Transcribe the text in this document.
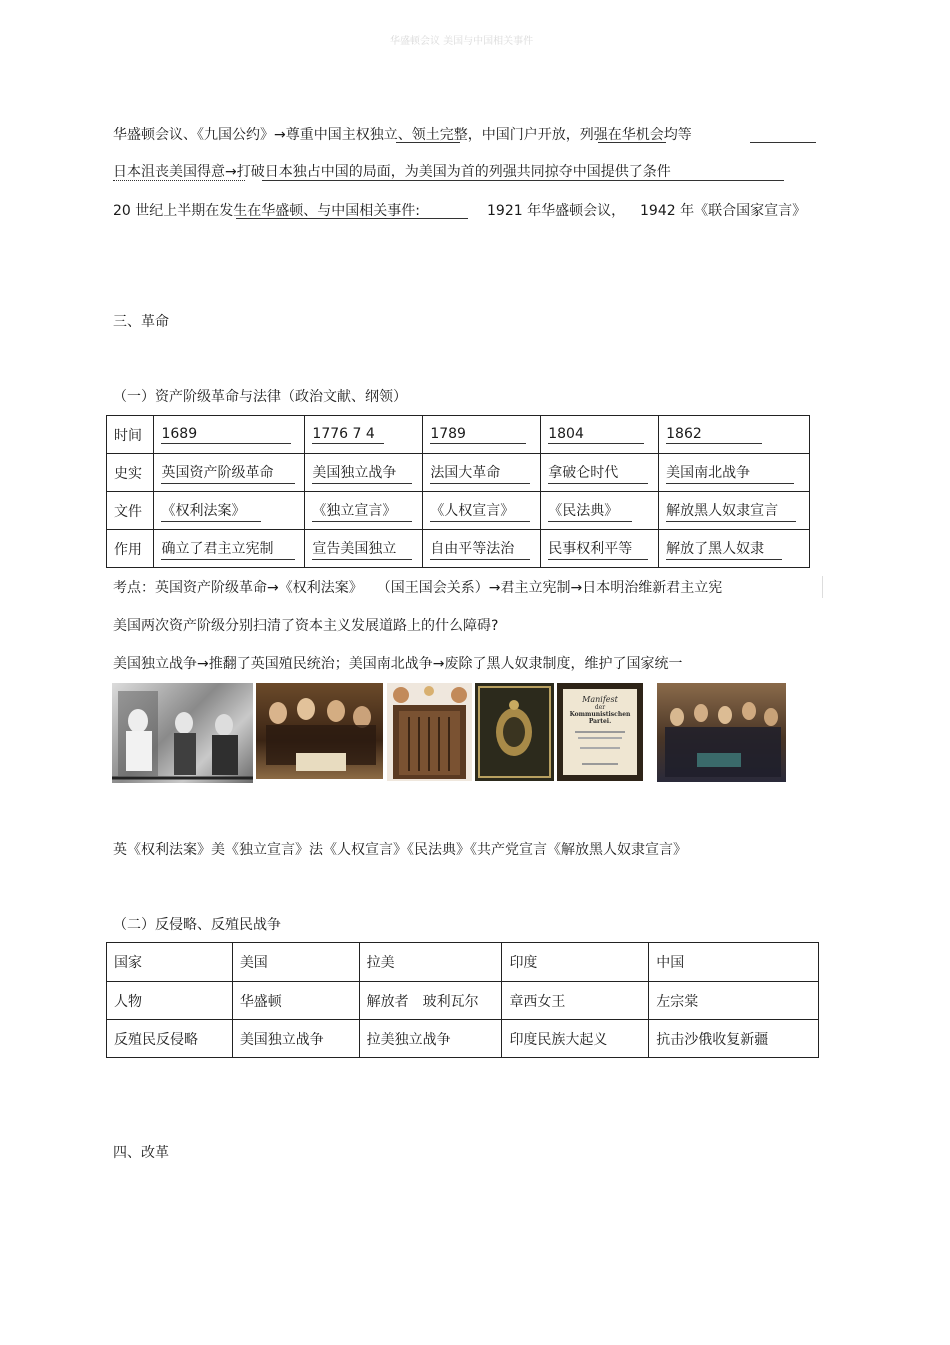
华盛顿会议 美国与中国相关事件
华盛顿会议、《九国公约》→尊重中国主权独立、领土完整，中国门户开放，列强在华机会均等
日本沮丧美国得意→打破日本独占中国的局面，为美国为首的列强共同掠夺中国提供了条件
20 世纪上半期在发生在华盛顿、与中国相关事件:	1921 年华盛顿会议， 1942 年《联合国家宣言》
三、革命
（一）资产阶级革命与法律（政治文献、纲领）
时间	1689	1776 7 4	1789	1804	1862
史实	英国资产阶级革命	美国独立战争	法国大革命	拿破仑时代	美国南北战争
文件	《权利法案》	《独立宣言》	《人权宣言》	《民法典》	解放黑人奴隶宣言
作用	确立了君主立宪制	宣告美国独立	自由平等法治	民事权利平等	解放了黑人奴隶
考点：英国资产阶级革命→《权利法案》　　（国王国会关系）→君主立宪制→日本明治维新君主立宪
美国两次资产阶级分别扫清了资本主义发展道路上的什么障碍?
美国独立战争→推翻了英国殖民统治；美国南北战争→废除了黑人奴隶制度，维护了国家统一
Manifest
der
Kommunistischen Partei.
英《权利法案》美《独立宣言》法《人权宣言》《民法典》《共产党宣言《解放黑人奴隶宣言》
（二）反侵略、反殖民战争
国家	美国	拉美	印度	中国
人物	华盛顿	解放者　玻利瓦尔	章西女王	左宗棠
反殖民反侵略	美国独立战争	拉美独立战争	印度民族大起义	抗击沙俄收复新疆
四、改革
